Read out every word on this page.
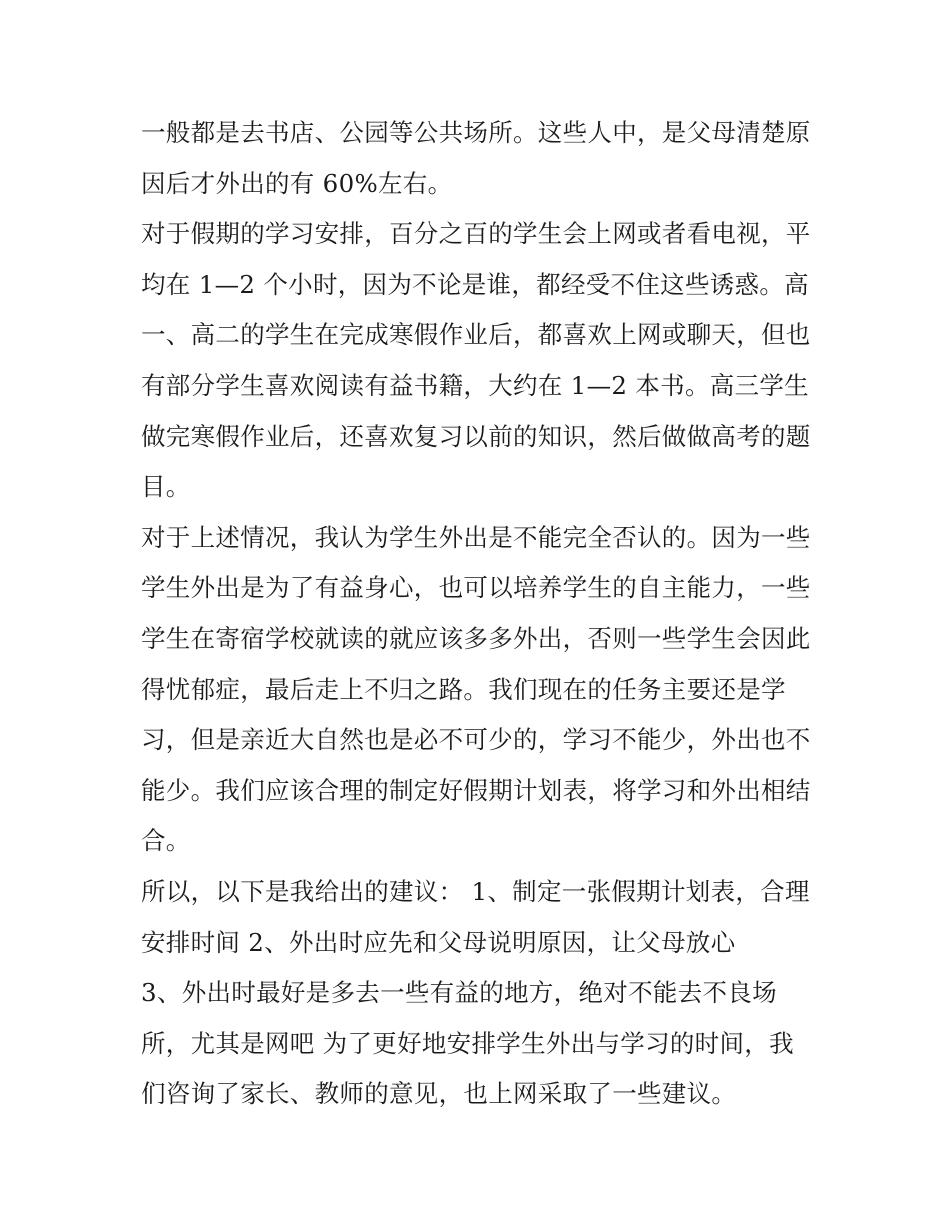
一般都是去书店、公园等公共场所。这些人中，是父母清楚原
因后才外出的有 60%左右。
对于假期的学习安排，百分之百的学生会上网或者看电视，平
均在 1—2 个小时，因为不论是谁，都经受不住这些诱惑。高
一、高二的学生在完成寒假作业后，都喜欢上网或聊天，但也
有部分学生喜欢阅读有益书籍，大约在 1—2 本书。高三学生
做完寒假作业后，还喜欢复习以前的知识，然后做做高考的题
目。
对于上述情况，我认为学生外出是不能完全否认的。因为一些
学生外出是为了有益身心，也可以培养学生的自主能力，一些
学生在寄宿学校就读的就应该多多外出，否则一些学生会因此
得忧郁症，最后走上不归之路。我们现在的任务主要还是学
习，但是亲近大自然也是必不可少的，学习不能少，外出也不
能少。我们应该合理的制定好假期计划表，将学习和外出相结
合。
所以，以下是我给出的建议： 1、制定一张假期计划表，合理
安排时间 2、外出时应先和父母说明原因，让父母放心
3、外出时最好是多去一些有益的地方，绝对不能去不良场
所，尤其是网吧 为了更好地安排学生外出与学习的时间，我
们咨询了家长、教师的意见，也上网采取了一些建议。
